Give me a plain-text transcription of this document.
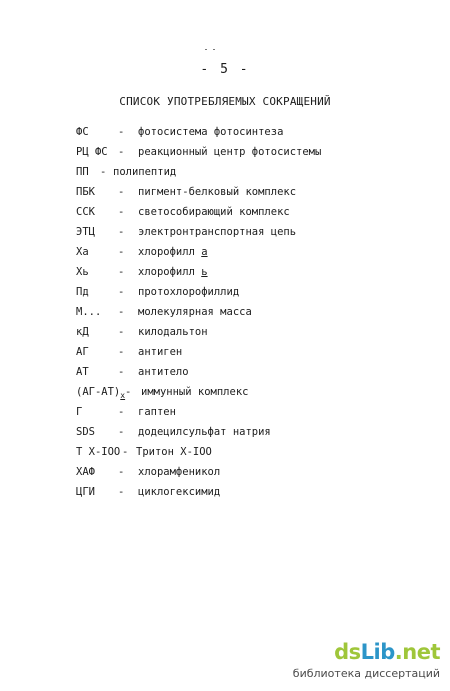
- 5 -
СПИСОК УПОТРЕБЛЯЕМЫХ СОКРАЩЕНИЙ
ФС	- фотосистема фотосинтеза
РЦ ФС - реакционный центр фотосистемы
ПП - полипептид
ПБК - пигмент-белковый комплекс
ССК - светособирающий комплекс
ЭТЦ - электронтранспортная цепь
Ха	- хлорофилл a
Хь	- хлорофилл ь
Пд	- протохлорофиллид
М... - молекулярная масса
кД	- килодальтон
АГ	- антиген
АТ	- антитело
$(АГ-АТ)_х$ - иммунный комплекс
Г	- гаптен
SDS - додецилсульфат натрия
Т Х-IOO - Тритон Х-IOO
ХАФ - хлорамфеникол
ЦГИ - циклогексимид
dsLib.net
библиотека диссертаций
